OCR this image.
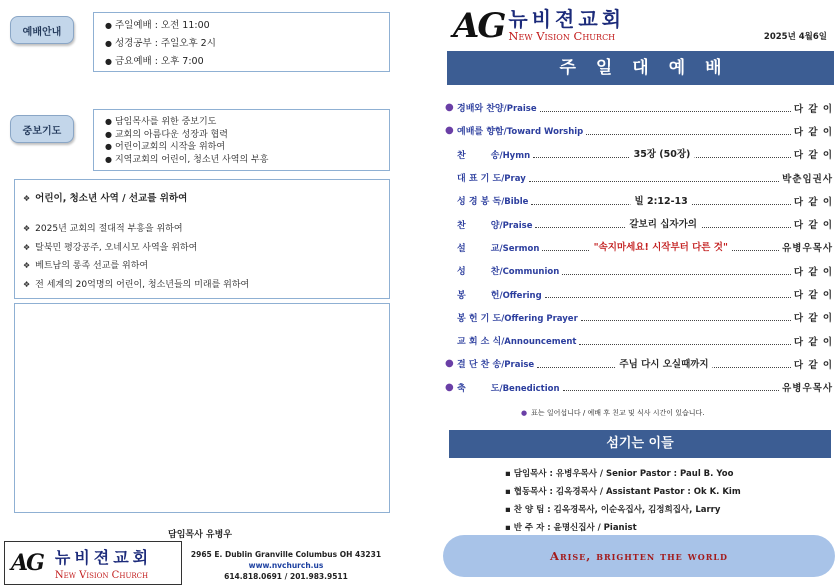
예배안내
● 주일예배 : 오전 11:00
● 성경공부 : 주일오후 2시
● 금요예배 : 오후 7:00
중보기도
● 담임목사를 위한 중보기도
● 교회의 아름다운 성장과 협력
● 어린이교회의 시작을 위하여
● 지역교회의 어린이, 청소년 사역의 부흥
❖ 어린이, 청소년 사역 / 선교를 위하여
❖ 2025년 교회의 절대적 부흥을 위하여
❖ 탈북민 평강공주, 오네시모 사역을 위하여
❖ 베트남의 롱족 선교를 위하여
❖ 전 세계의 20억명의 어린이, 청소년들의 미래를 위하여
담임목사 유병우
AG 뉴비젼교회
New Vision Church
2965 E. Dublin Granville Columbus OH 43231
www.nvchurch.us
614.818.0691 / 201.983.9511
AG 뉴비젼교회
New Vision Church	2025년 4월6일
주일대예배
● 경배와 찬양/Praise	다 같 이
● 예배를 향함/Toward Worship	다 같 이
찬        송/Hymn	35장 (50장)	다 같 이
대 표 기 도/Pray	박춘임권사
성 경 봉 독/Bible	빌 2:12-13	다 같 이
찬        양/Praise	갈보리 십자가의	다 같 이
설        교/Sermon	"속지마세요! 시작부터 다른 것"	유병우목사
성        찬/Communion	다 같 이
봉        헌/Offering	다 같 이
봉 헌 기 도/Offering Prayer	다 같 이
교 회 소 식/Announcement	다 같 이
● 결 단 찬 송/Praise	주님 다시 오실때까지	다 같 이
● 축        도/Benediction	유병우목사
● 표는 일어섭니다 / 예배 후 친교 및 식사 시간이 있습니다.
섬기는 이들
▪ 담임목사 : 유병우목사 / Senior Pastor : Paul B. Yoo
▪ 협동목사 : 김옥경목사 / Assistant Pastor : Ok K. Kim
▪ 찬 양 팀 : 김옥경목사, 이순옥집사, 김정희집사, Larry
▪ 반 주 자 : 윤명신집사 / Pianist
Arise, brighten the world
